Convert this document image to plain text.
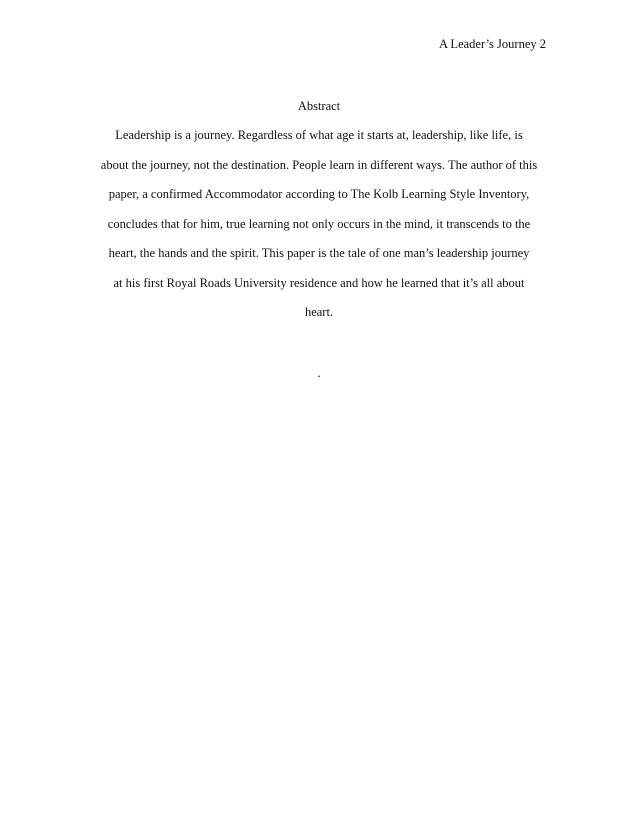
A Leader’s Journey 2
Abstract
Leadership is a journey. Regardless of what age it starts at, leadership, like life, is
about the journey, not the destination. People learn in different ways. The author of this
paper, a confirmed Accommodator according to The Kolb Learning Style Inventory,
concludes that for him, true learning not only occurs in the mind, it transcends to the
heart, the hands and the spirit. This paper is the tale of one man’s leadership journey
at his first Royal Roads University residence and how he learned that it’s all about
heart.
.
